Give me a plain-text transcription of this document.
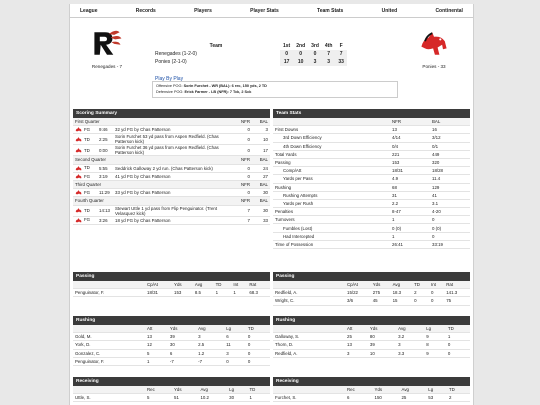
League	Records	Players	Player Stats	Team Stats	United	Continental
Renegades - 7
Team	1st	2nd	3rd	4th	F
Renegades (1-2-0)	0	0	0	7	7
Ponies (2-1-0)	17	10	3	3	33
Play By Play
Ponies - 33
Offensive POG: Sorin Furchet - WR (BAL): 6 rec, 150 yds, 2 TD
Defensive POG: Erick Farmer - LB (NFR): 7 Tck, 2 Sck
Scoring Summary
First Quarter			NFR	BAL
FG	9:46	32 yd FG by Chas Patterson	0	3
TD	2:25	Sorin Furchet 53 yd pass from Aspen Redfield. (Chas Patterson kick)	0	10
TD	0:00	Sorin Furchet 36 yd pass from Aspen Redfield. (Chas Patterson kick)	0	17
Second Quarter			NFR	BAL
TD	5:55	Seddrick Galloway 2 yd run. (Chas Patterson kick)	0	24
FG	3:19	41 yd FG by Chas Patterson	0	27
Third Quarter			NFR	BAL
FG	11:29	33 yd FG by Chas Patterson	0	30
Fourth Quarter			NFR	BAL
TD	14:13	Stewart Uttle 1 yd pass from Flip Penguinator. (Trent Velasquez kick)	7	30
FG	3:26	18 yd FG by Chas Patterson	7	33
Team Stats
	NFR	BAL
First Downs	13	16
3rd Down Efficiency	4/14	3/12
4th Down Efficiency	0/4	0/1
Total Yards	221	449
Passing	153	320
Comp/Att	18/31	18/28
Yards per Pass	4.9	11.4
Rushing	68	129
Rushing Attempts	31	41
Yards per Rush	2.2	3.1
Penalties	8-47	4-20
Turnovers	1	0
Fumbles (Lost)	0 (0)	0 (0)
Had Intercepted	1	0
Time of Possession	26:41	33:19
Passing
	Cp/At	Yds	Avg	TD	Int	Rat
Penguinator, F.	18/31	153	8.5	1	1	68.3
Passing
	Cp/At	Yds	Avg	TD	Int	Rat
Redfield, A.	15/22	275	18.3	2	0	141.3
Wright, C.	3/6	45	15	0	0	75
Rushing
	Att	Yds	Avg	Lg	TD
Gold, M.	13	39	3	6	0
York, D.	12	30	2.5	11	0
Gonzalez, C.	5	6	1.2	3	0
Penguinator, F.	1	-7	-7	0	0
Rushing
	Att	Yds	Avg	Lg	TD
Galloway, S.	25	80	3.2	9	1
Thorn, D.	13	39	3	8	0
Redfield, A.	3	10	3.3	9	0
Receiving
	Rec	Yds	Avg	Lg	TD
Uttle, S.	5	51	10.2	30	1
Receiving
	Rec	Yds	Avg	Lg	TD
Furchet, S.	6	150	25	53	2
